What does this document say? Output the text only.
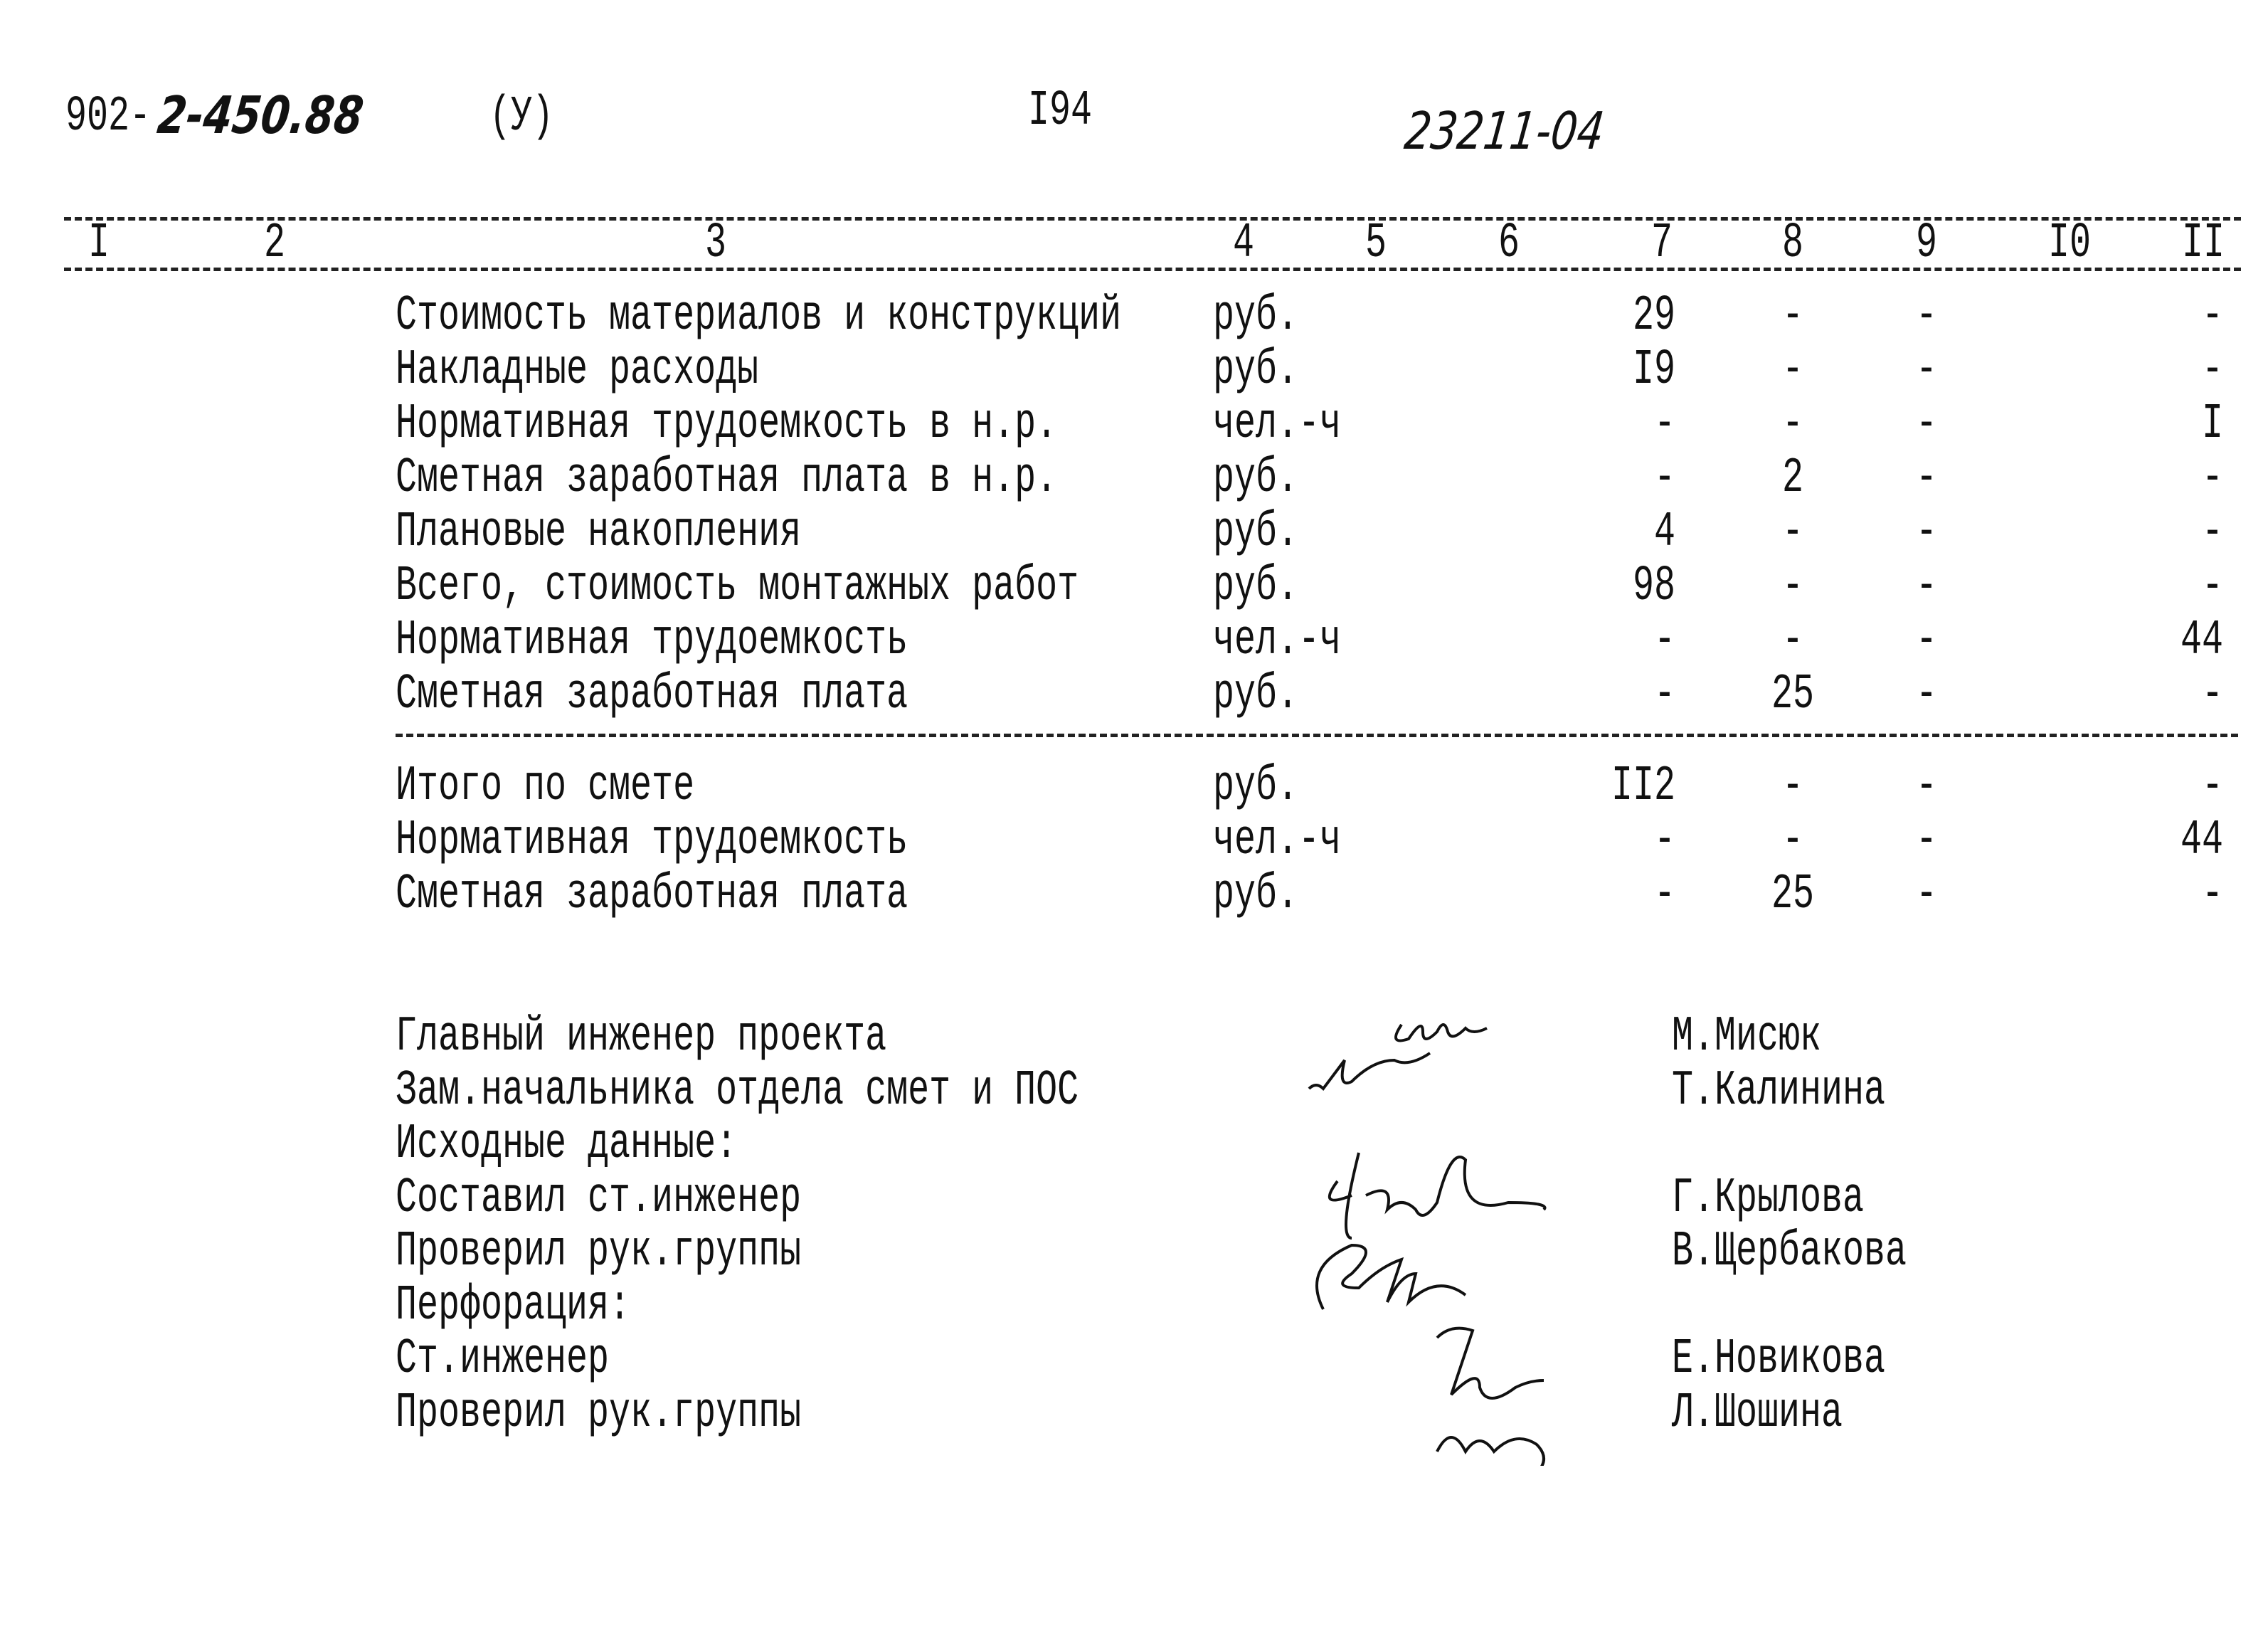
902- 2-450.88	(У)	I94	23211-04
I	2	3	4	5	6	7	8	9	I0	II
Стоимость материалов и конструкций	руб.	29	-	-	-
Накладные расходы	руб.	I9	-	-	-
Нормативная трудоемкость в н.р.	чел.-ч	-	-	-	I
Сметная заработная плата в н.р.	руб.	-	2	-	-
Плановые накопления	руб.	4	-	-	-
Всего, стоимость монтажных работ	руб.	98	-	-	-
Нормативная трудоемкость	чел.-ч	-	-	-	44
Сметная заработная плата	руб.	-	25	-	-
Итого по смете	руб.	II2	-	-	-
Нормативная трудоемкость	чел.-ч	-	-	-	44
Сметная заработная плата	руб.	-	25	-	-
Главный инженер проекта	М.Мисюк
Зам.начальника отдела смет и ПОС	Т.Калинина
Исходные данные:
Составил ст.инженер	Г.Крылова
Проверил рук.группы	В.Щербакова
Перфорация:
Ст.инженер	Е.Новикова
Проверил рук.группы	Л.Шошина
